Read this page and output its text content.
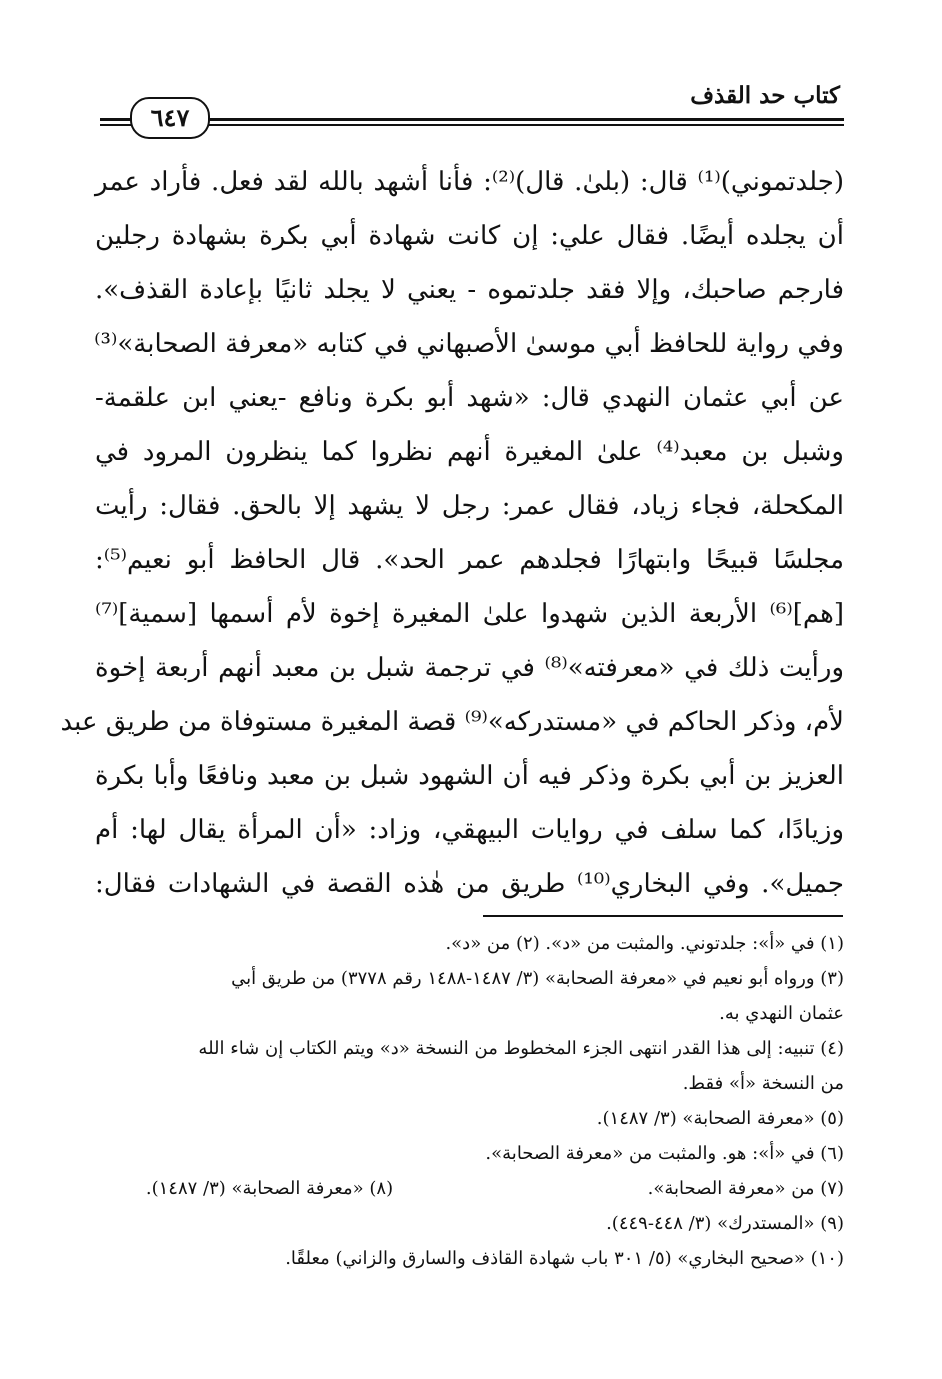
كتاب حد القذف
٦٤٧
(جلدتموني)⁽¹⁾ قال: (بلىٰ. قال)⁽²⁾: فأنا أشهد بالله لقد فعل. فأراد عمر
أن يجلده أيضًا. فقال علي: إن كانت شهادة أبي بكرة بشهادة رجلين
فارجم صاحبك، وإلا فقد جلدتموه - يعني لا يجلد ثانيًا بإعادة القذف».
وفي رواية للحافظ أبي موسىٰ الأصبهاني في كتابه «معرفة الصحابة»⁽³⁾
عن أبي عثمان النهدي قال: «شهد أبو بكرة ونافع -يعني ابن علقمة-
وشبل بن معبد⁽⁴⁾ علىٰ المغيرة أنهم نظروا كما ينظرون المرود في
المكحلة، فجاء زياد، فقال عمر: رجل لا يشهد إلا بالحق. فقال: رأيت
مجلسًا قبيحًا وابتهارًا فجلدهم عمر الحد». قال الحافظ أبو نعيم⁽⁵⁾:
[هم]⁽⁶⁾ الأربعة الذين شهدوا علىٰ المغيرة إخوة لأم أسمها [سمية]⁽⁷⁾
ورأيت ذلك في «معرفته»⁽⁸⁾ في ترجمة شبل بن معبد أنهم أربعة إخوة
لأم، وذكر الحاكم في «مستدركه»⁽⁹⁾ قصة المغيرة مستوفاة من طريق عبد
العزيز بن أبي بكرة وذكر فيه أن الشهود شبل بن معبد ونافعًا وأبا بكرة
وزيادًا، كما سلف في روايات البيهقي، وزاد: «أن المرأة يقال لها: أم
جميل». وفي البخاري⁽¹⁰⁾ طريق من هٰذه القصة في الشهادات فقال:
(١) في «أ»: جلدتوني. والمثبت من «د». (٢) من «د».
(٣) ورواه أبو نعيم في «معرفة الصحابة» (٣/ ١٤٨٧-١٤٨٨ رقم ٣٧٧٨) من طريق أبي
عثمان النهدي به.
(٤) تنبيه: إلى هذا القدر انتهى الجزء المخطوط من النسخة «د» ويتم الكتاب إن شاء الله
من النسخة «أ» فقط.
(٥) «معرفة الصحابة» (٣/ ١٤٨٧).
(٦) في «أ»: هو. والمثبت من «معرفة الصحابة».
(٧) من «معرفة الصحابة».
(٨) «معرفة الصحابة» (٣/ ١٤٨٧).
(٩) «المستدرك» (٣/ ٤٤٨-٤٤٩).
(١٠) «صحيح البخاري» (٥/ ٣٠١ باب شهادة القاذف والسارق والزاني) معلقًا.
